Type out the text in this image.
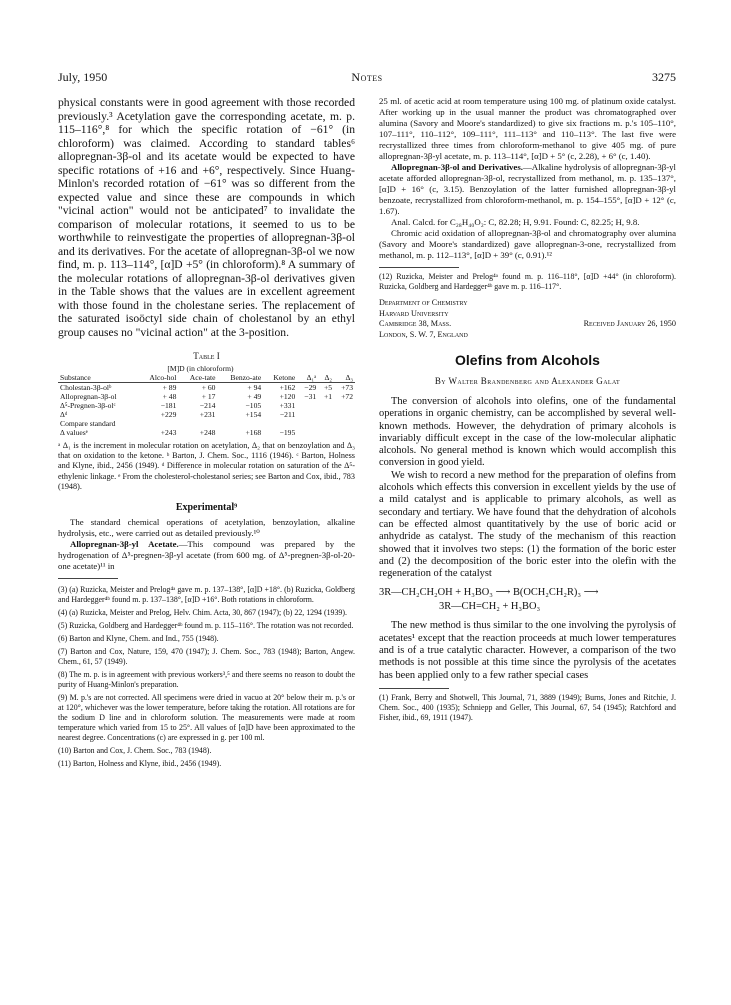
July, 1950	Notes	3275

physical constants were in good agreement with those recorded previously.³ Acetylation gave the corresponding acetate, m. p. 115–116°,⁸ for which the specific rotation of −61° (in chloroform) was claimed. According to standard tables⁶ allopregnan-3β-ol and its acetate would be expected to have specific rotations of +16 and +6°, respectively. Since Huang-Minlon's recorded rotation of −61° was so different from the expected value and since these are compounds in which "vicinal action" would not be anticipated⁷ to invalidate the comparison of molecular rotations, it seemed to us to be worthwhile to reinvestigate the properties of allopregnan-3β-ol and its derivatives. For the acetate of allopregnan-3β-ol we now find, m. p. 113–114°, [α]D +5° (in chloroform).⁸ A summary of the molecular rotations of allopregnan-3β-ol derivatives given in the Table shows that the values are in excellent agreement with those found in the cholestane series. The replacement of the saturated isoöctyl side chain of cholestanol by an ethyl group causes no "vicinal action" at the 3-position.

Table I
	[M]D (in chloroform)						
Substance	Alco-hol	Ace-tate	Benzo-ate	Ketone	Δ₁ᵃ	Δ₂	Δ₃
Cholestan-3β-olᵇ	+ 89	+ 60	+ 94	+162	−29	+5	+73
Allopregnan-3β-ol	+ 48	+ 17	+ 49	+120	−31	+1	+72
Δ⁵-Pregnen-3β-olᶜ	−181	−214	−105	+331			
Δᵈ	+229	+231	+154	−211			
Compare standard							
Δ valuesᵉ	+243	+248	+168	−195			

ᵃ Δ₁ is the increment in molecular rotation on acetylation, Δ₂ that on benzoylation and Δ₃ that on oxidation to the ketone. ᵇ Barton, J. Chem. Soc., 1116 (1946). ᶜ Barton, Holness and Klyne, ibid., 2456 (1949). ᵈ Difference in molecular rotation on saturation of the Δ⁵-ethylenic linkage. ᵉ From the cholesterol-cholestanol series; see Barton and Cox, ibid., 783 (1948).

Experimental⁹

The standard chemical operations of acetylation, benzoylation, alkaline hydrolysis, etc., were carried out as detailed previously.¹⁰

Allopregnan-3β-yl Acetate.—This compound was prepared by the hydrogenation of Δ⁵-pregnen-3β-yl acetate (from 600 mg. of Δ⁵-pregnen-3β-ol-20-one acetate)¹¹ in

(3) (a) Ruzicka, Meister and Prelog⁴ᵃ gave m. p. 137–138°, [α]D +18°. (b) Ruzicka, Goldberg and Hardegger⁴ᵇ found m. p. 137–138°, [α]D +16°. Both rotations in chloroform.

(4) (a) Ruzicka, Meister and Prelog, Helv. Chim. Acta, 30, 867 (1947); (b) 22, 1294 (1939).

(5) Ruzicka, Goldberg and Hardegger⁴ᵇ found m. p. 115–116°. The rotation was not recorded.

(6) Barton and Klyne, Chem. and Ind., 755 (1948).

(7) Barton and Cox, Nature, 159, 470 (1947); J. Chem. Soc., 783 (1948); Barton, Angew. Chem., 61, 57 (1949).

(8) The m. p. is in agreement with previous workers³,⁵ and there seems no reason to doubt the purity of Huang-Minlon's preparation.

(9) M. p.'s are not corrected. All specimens were dried in vacuo at 20° below their m. p.'s or at 120°, whichever was the lower temperature, before taking the rotation. All rotations are for the sodium D line and in chloroform solution. The measurements were made at room temperature which varied from 15 to 25°. All values of [α]D have been approximated to the nearest degree. Concentrations (c) are expressed in g. per 100 ml.

(10) Barton and Cox, J. Chem. Soc., 783 (1948).

(11) Barton, Holness and Klyne, ibid., 2456 (1949).

25 ml. of acetic acid at room temperature using 100 mg. of platinum oxide catalyst. After working up in the usual manner the product was chromatographed over alumina (Savory and Moore's standardized) to give six fractions m. p.'s 105–110°, 107–111°, 110–112°, 109–111°, 111–113° and 110–113°. The last five were recrystallized three times from chloroform-methanol to give 405 mg. of pure allopregnan-3β-yl acetate, m. p. 113–114°, [α]D + 5° (c, 2.28), + 6° (c, 1.40).

Allopregnan-3β-ol and Derivatives.—Alkaline hydrolysis of allopregnan-3β-yl acetate afforded allopregnan-3β-ol, recrystallized from methanol, m. p. 135–137°, [α]D + 16° (c, 3.15). Benzoylation of the latter furnished allopregnan-3β-yl benzoate, recrystallized from chloroform-methanol, m. p. 154–155°, [α]D + 12° (c, 1.67).

Anal. Calcd. for C₂₈H₄₀O₂: C, 82.28; H, 9.91. Found: C, 82.25; H, 9.8.

Chromic acid oxidation of allopregnan-3β-ol and chromatography over alumina (Savory and Moore's standardized) gave allopregnan-3-one, recrystallized from methanol, m. p. 112–113°, [α]D + 39° (c, 0.91).¹²

(12) Ruzicka, Meister and Prelog⁴ᵃ found m. p. 116–118°, [α]D +44° (in chloroform). Ruzicka, Goldberg and Hardegger⁴ᵇ gave m. p. 116–117°.

Department of Chemistry
Harvard University
Cambridge 38, Mass.	Received January 26, 1950
London, S. W. 7, England
Olefins from Alcohols
By Walter Brandenberg and Alexander Galat

The conversion of alcohols into olefins, one of the fundamental operations in organic chemistry, can be accomplished by several well-known methods. However, the dehydration of primary alcohols is invariably difficult except in the case of the low-molecular aliphatic alcohols. No general method is known which would accomplish this conversion in good yield.

We wish to record a new method for the preparation of olefins from alcohols which effects this conversion in excellent yields by the use of a mild catalyst and is applicable to primary alcohols, as well as secondary and tertiary. We have found that the dehydration of alcohols can be effected almost quantitatively by the use of boric acid or anhydride as catalyst. The study of the mechanism of this reaction showed that it involves two steps: (1) the formation of the boric ester and (2) the decomposition of the boric ester into the olefin with the regeneration of the catalyst

3R—CH₂CH₂OH + H₃BO₃ ⟶ B(OCH₂CH₂R)₃ ⟶
3R—CH=CH₂ + H₃BO₃

The new method is thus similar to the one involving the pyrolysis of acetates¹ except that the reaction proceeds at much lower temperatures and is of a true catalytic character. However, a comparison of the two methods is not possible at this time since the pyrolysis of the acetates has been applied only to a few rather special cases

(1) Frank, Berry and Shotwell, This Journal, 71, 3889 (1949); Burns, Jones and Ritchie, J. Chem. Soc., 400 (1935); Schniepp and Geller, This Journal, 67, 54 (1945); Ratchford and Fisher, ibid., 69, 1911 (1947).
